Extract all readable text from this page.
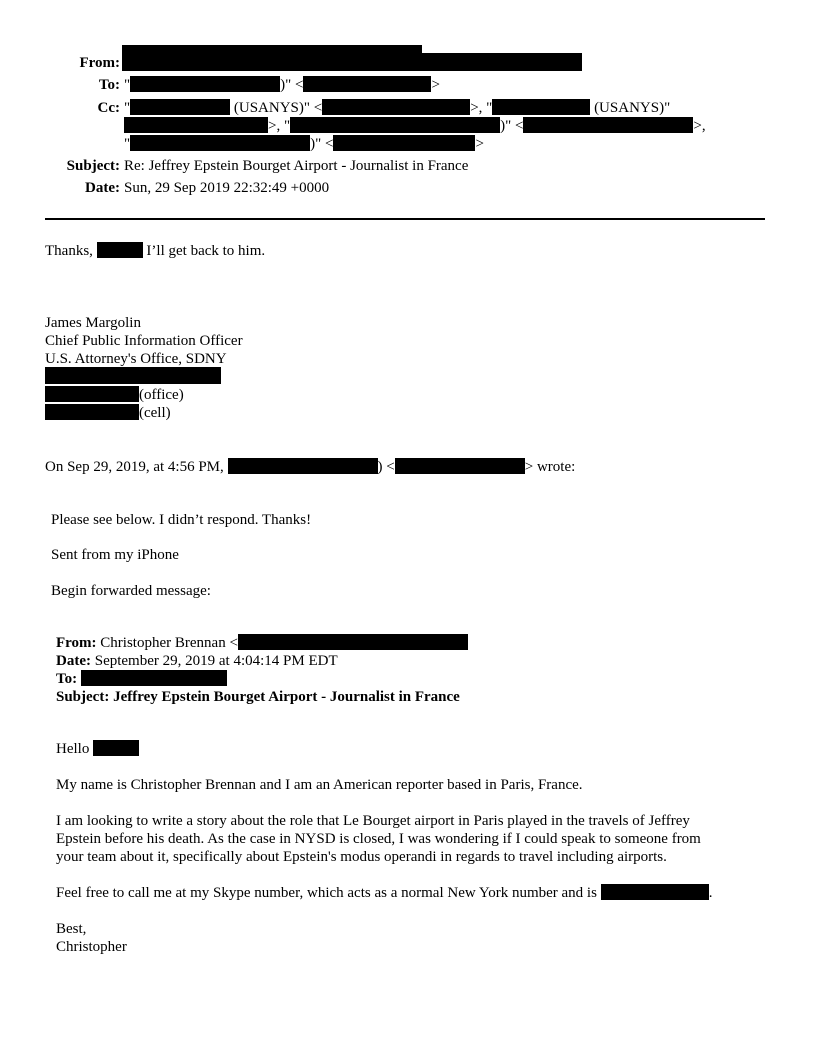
From:
To: "	)" <	>
Cc: "	(USANYS)" <	>, "	(USANYS)"
>, "	)" <	>,
"	)" <	>
Subject: Re: Jeffrey Epstein Bourget Airport - Journalist in France
Date: Sun, 29 Sep 2019 22:32:49 +0000
Thanks,	I’ll get back to him.
James Margolin
Chief Public Information Officer
U.S. Attorney's Office, SDNY
(office)
(cell)
On Sep 29, 2019, at 4:56 PM,	) <	> wrote:
Please see below. I didn’t respond. Thanks!
Sent from my iPhone
Begin forwarded message:
From: Christopher Brennan <
Date: September 29, 2019 at 4:04:14 PM EDT
To:
Subject: Jeffrey Epstein Bourget Airport - Journalist in France
Hello
My name is Christopher Brennan and I am an American reporter based in Paris, France.
I am looking to write a story about the role that Le Bourget airport in Paris played in the travels of Jeffrey
Epstein before his death. As the case in NYSD is closed, I was wondering if I could speak to someone from
your team about it, specifically about Epstein's modus operandi in regards to travel including airports.
Feel free to call me at my Skype number, which acts as a normal New York number and is	.
Best,
Christopher
